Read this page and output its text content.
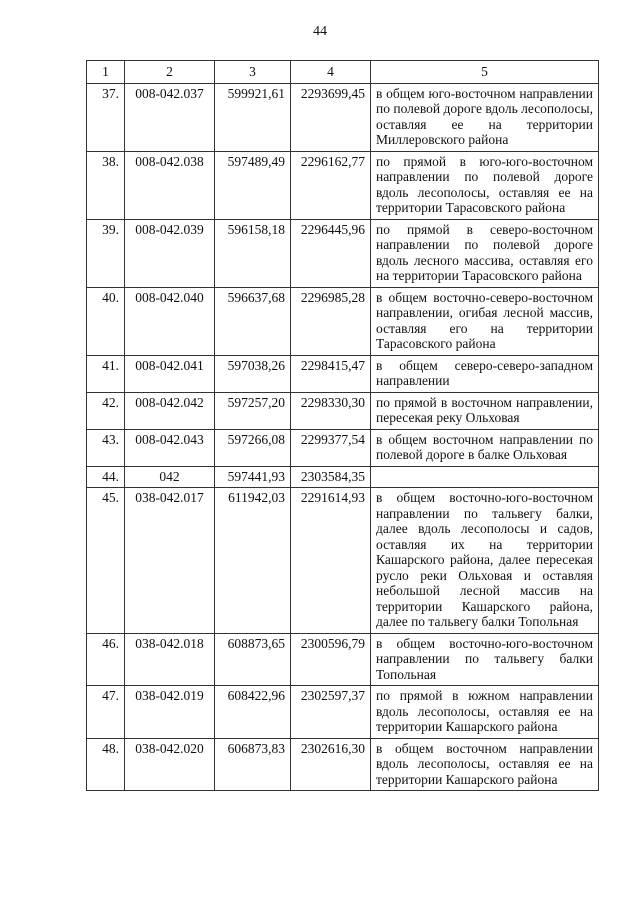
44
1	2	3	4	5
37.	008-042.037	599921,61	2293699,45	в общем юго-восточном направлении по полевой дороге вдоль лесополосы, оставляя ее на территории Миллеровского района
38.	008-042.038	597489,49	2296162,77	по прямой в юго-юго-восточном направлении по полевой дороге вдоль лесополосы, оставляя ее на территории Тарасовского района
39.	008-042.039	596158,18	2296445,96	по прямой в северо-восточном направлении по полевой дороге вдоль лесного массива, оставляя его на территории Тарасовского района
40.	008-042.040	596637,68	2296985,28	в общем восточно-северо-восточном направлении, огибая лесной массив, оставляя его на территории Тарасовского района
41.	008-042.041	597038,26	2298415,47	в общем северо-северо-западном направлении
42.	008-042.042	597257,20	2298330,30	по прямой в восточном направлении, пересекая реку Ольховая
43.	008-042.043	597266,08	2299377,54	в общем восточном направлении по полевой дороге в балке Ольховая
44.	042	597441,93	2303584,35	
45.	038-042.017	611942,03	2291614,93	в общем восточно-юго-восточном направлении по тальвегу балки, далее вдоль лесополосы и садов, оставляя их на территории Кашарского района, далее пересекая русло реки Ольховая и оставляя небольшой лесной массив на территории Кашарского района, далее по тальвегу балки Топольная
46.	038-042.018	608873,65	2300596,79	в общем восточно-юго-восточном направлении по тальвегу балки Топольная
47.	038-042.019	608422,96	2302597,37	по прямой в южном направлении вдоль лесополосы, оставляя ее на территории Кашарского района
48.	038-042.020	606873,83	2302616,30	в общем восточном направлении вдоль лесополосы, оставляя ее на территории Кашарского района
